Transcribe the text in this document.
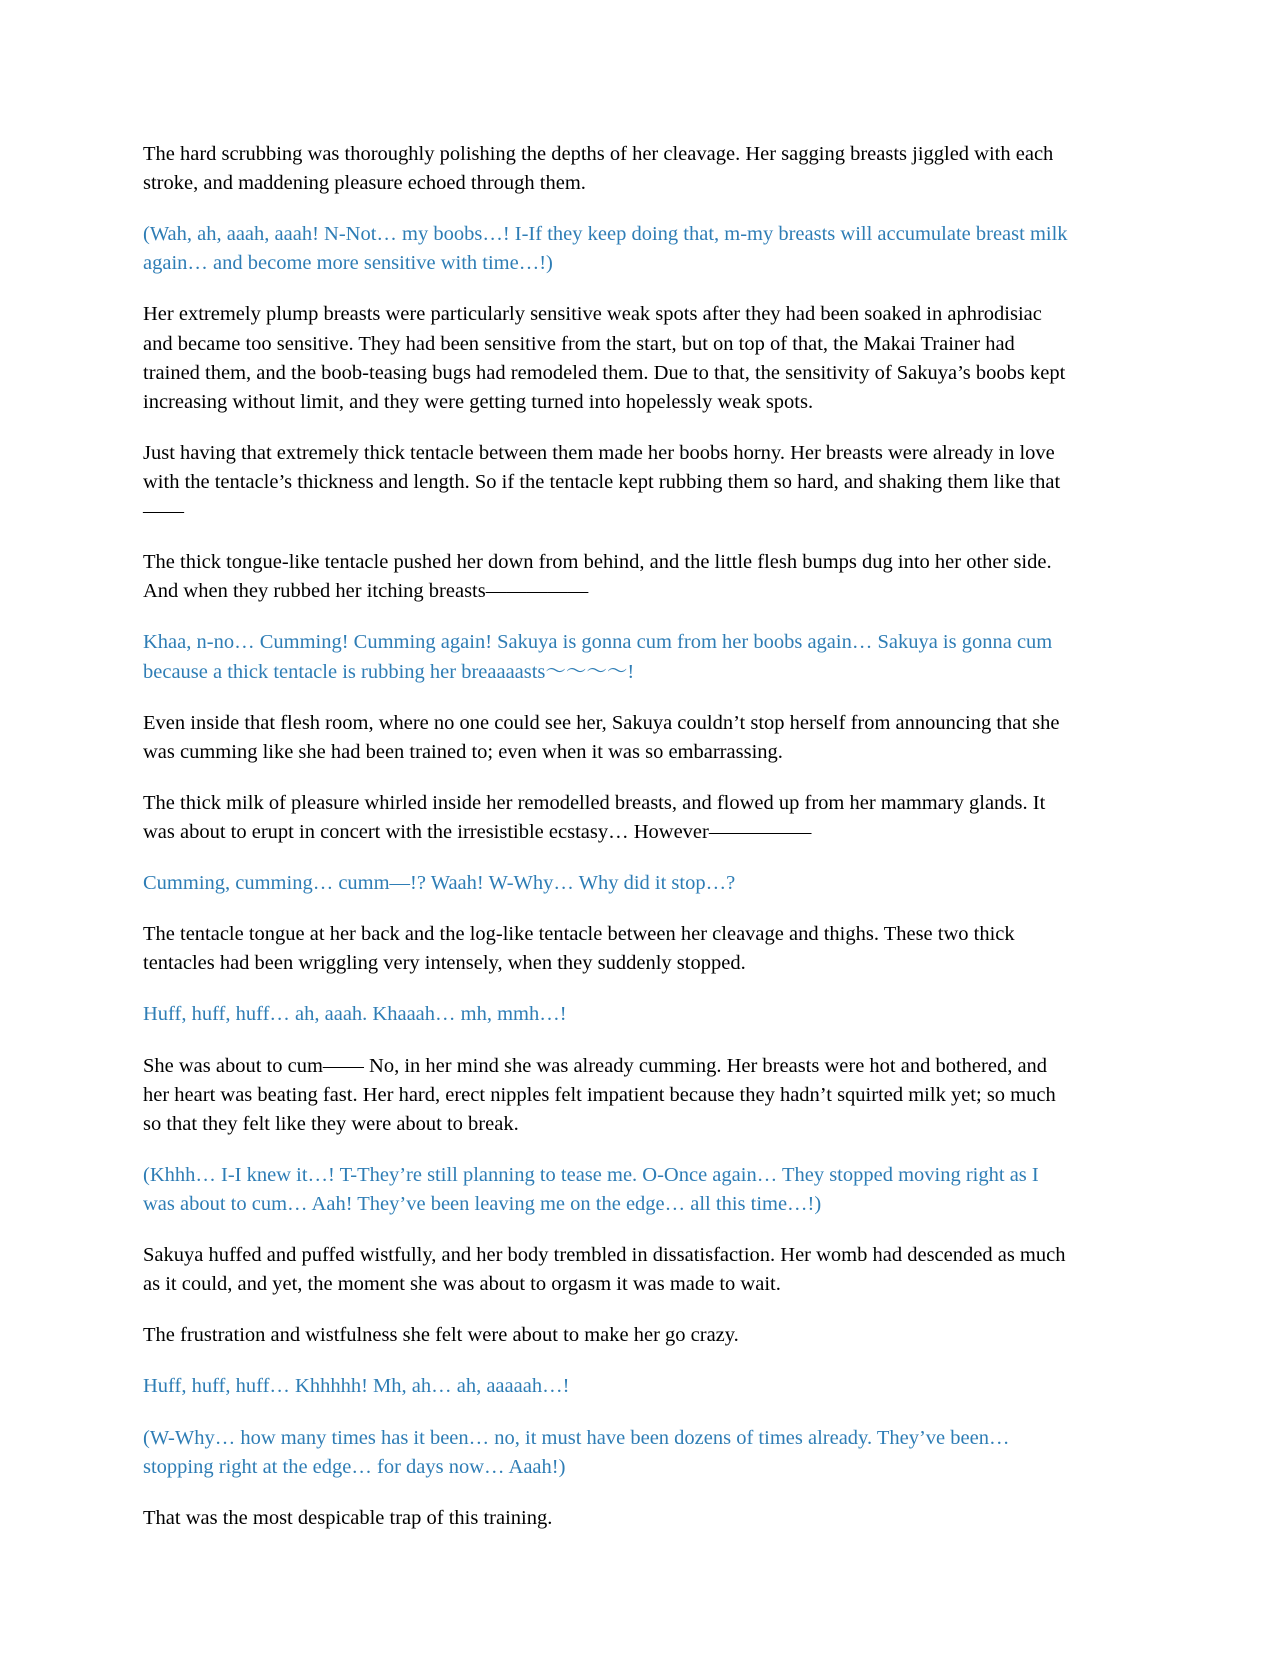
The hard scrubbing was thoroughly polishing the depths of her cleavage. Her sagging breasts jiggled with each stroke, and maddening pleasure echoed through them.

(Wah, ah, aaah, aaah! N-Not… my boobs…! I-If they keep doing that, m-my breasts will accumulate breast milk again… and become more sensitive with time…!)

Her extremely plump breasts were particularly sensitive weak spots after they had been soaked in aphrodisiac and became too sensitive. They had been sensitive from the start, but on top of that, the Makai Trainer had trained them, and the boob-teasing bugs had remodeled them. Due to that, the sensitivity of Sakuya’s boobs kept increasing without limit, and they were getting turned into hopelessly weak spots.

Just having that extremely thick tentacle between them made her boobs horny. Her breasts were already in love with the tentacle’s thickness and length. So if the tentacle kept rubbing them so hard, and shaking them like that——

The thick tongue-like tentacle pushed her down from behind, and the little flesh bumps dug into her other side. And when they rubbed her itching breasts—————

Khaa, n-no… Cumming! Cumming again! Sakuya is gonna cum from her boobs again… Sakuya is gonna cum because a thick tentacle is rubbing her breaaaasts〜〜〜〜!

Even inside that flesh room, where no one could see her, Sakuya couldn’t stop herself from announcing that she was cumming like she had been trained to; even when it was so embarrassing.

The thick milk of pleasure whirled inside her remodelled breasts, and flowed up from her mammary glands. It was about to erupt in concert with the irresistible ecstasy… However—————

Cumming, cumming… cumm—!? Waah! W-Why… Why did it stop…?

The tentacle tongue at her back and the log-like tentacle between her cleavage and thighs. These two thick tentacles had been wriggling very intensely, when they suddenly stopped.

Huff, huff, huff… ah, aaah. Khaaah… mh, mmh…!

She was about to cum—— No, in her mind she was already cumming. Her breasts were hot and bothered, and her heart was beating fast. Her hard, erect nipples felt impatient because they hadn’t squirted milk yet; so much so that they felt like they were about to break.

(Khhh… I-I knew it…! T-They’re still planning to tease me. O-Once again… They stopped moving right as I was about to cum… Aah! They’ve been leaving me on the edge… all this time…!)

Sakuya huffed and puffed wistfully, and her body trembled in dissatisfaction. Her womb had descended as much as it could, and yet, the moment she was about to orgasm it was made to wait.

The frustration and wistfulness she felt were about to make her go crazy.

Huff, huff, huff… Khhhhh! Mh, ah… ah, aaaaah…!

(W-Why… how many times has it been… no, it must have been dozens of times already. They’ve been… stopping right at the edge… for days now… Aaah!)

That was the most despicable trap of this training.
